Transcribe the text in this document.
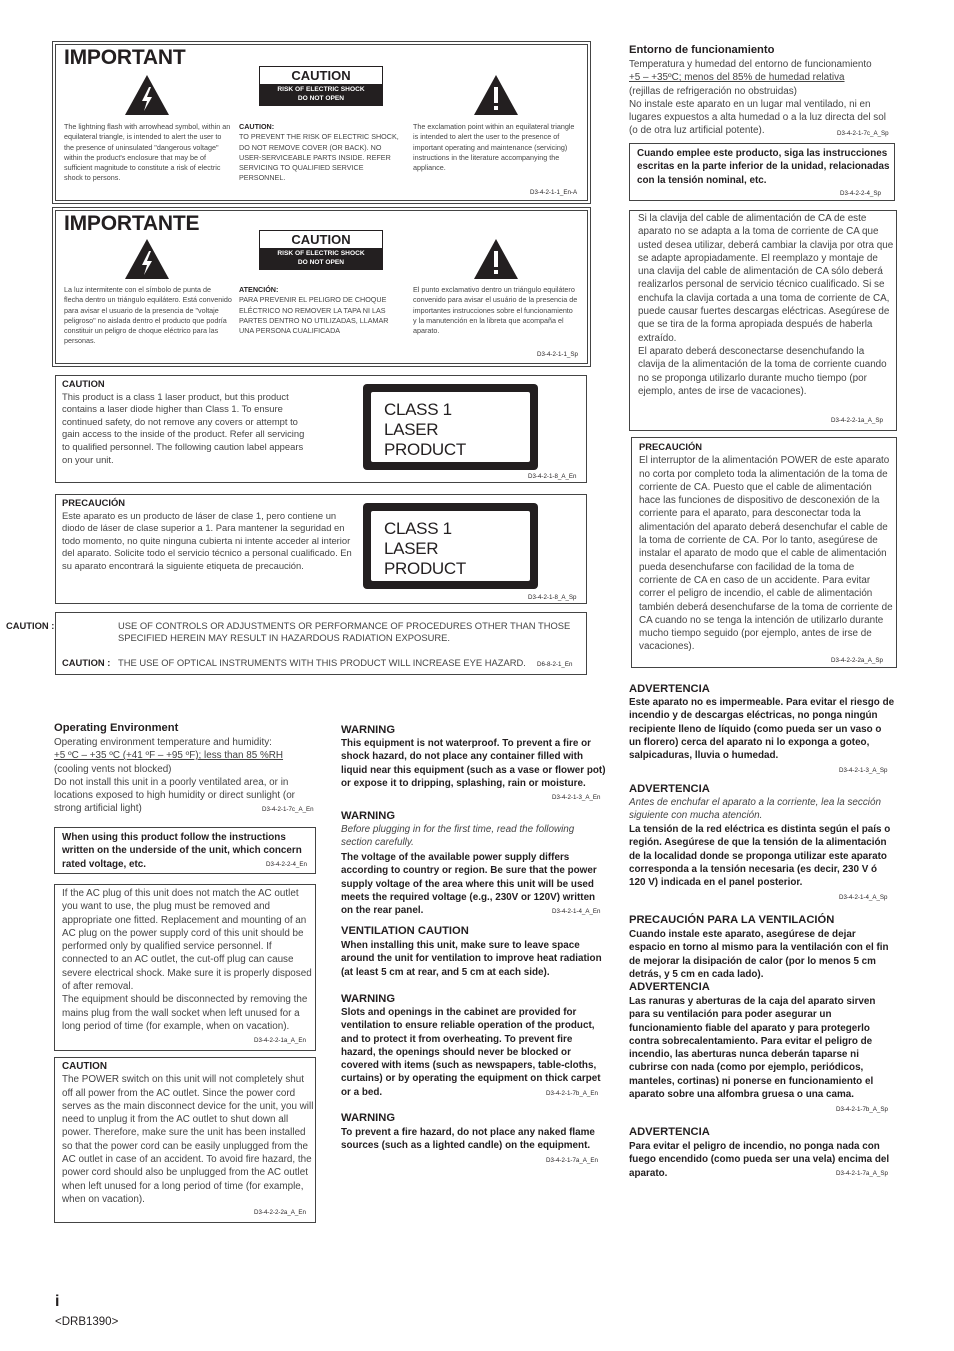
IMPORTANT
CAUTION
RISK OF ELECTRIC SHOCK
DO NOT OPEN
The lightning flash with arrowhead symbol, within an equilateral triangle, is intended to alert the user to the presence of uninsulated "dangerous voltage" within the product's enclosure that may be of sufficient magnitude to constitute a risk of electric shock to persons.
CAUTION:
TO PREVENT THE RISK OF ELECTRIC SHOCK, DO NOT REMOVE COVER (OR BACK). NO USER-SERVICEABLE PARTS INSIDE. REFER SERVICING TO QUALIFIED SERVICE PERSONNEL.
The exclamation point within an equilateral triangle is intended to alert the user to the presence of important operating and maintenance (servicing) instructions in the literature accompanying the appliance.
D3-4-2-1-1_En-A
IMPORTANTE
CAUTION
RISK OF ELECTRIC SHOCK
DO NOT OPEN
La luz intermitente con el símbolo de punta de flecha dentro un triángulo equilátero. Está convenido para avisar el usuario de la presencia de "voltaje peligroso" no aislada dentro el producto que podría constituir un peligro de choque eléctrico para las personas.
ATENCIÓN:
PARA PREVENIR EL PELIGRO DE CHOQUE ELÉCTRICO NO REMOVER LA TAPA NI LAS PARTES DENTRO NO UTILIZADAS, LLAMAR UNA PERSONA CUALIFICADA
El punto exclamativo dentro un triángulo equilátero convenido para avisar el usuário de la presencia de importantes instrucciones sobre el funcionamiento y la manutención en la libreta que acompaña el aparato.
D3-4-2-1-1_Sp
CAUTION
This product is a class 1 laser product, but this product contains a laser diode higher than Class 1. To ensure continued safety, do not remove any covers or attempt to gain access to the inside of the product. Refer all servicing to qualified personnel. The following caution label appears on your unit.
CLASS 1
LASER PRODUCT
D3-4-2-1-8_A_En
PRECAUCIÓN
Este aparato es un producto de láser de clase 1, pero contiene un diodo de láser de clase superior a 1. Para mantener la seguridad en todo momento, no quite ninguna cubierta ni intente acceder al interior del aparato. Solicite todo el servicio técnico a personal cualificado. En su aparato encontrará la siguiente etiqueta de precaución.
CLASS 1
LASER PRODUCT
D3-4-2-1-8_A_Sp
CAUTION :	USE OF CONTROLS OR ADJUSTMENTS OR PERFORMANCE OF PROCEDURES OTHER THAN THOSE SPECIFIED HEREIN MAY RESULT IN HAZARDOUS RADIATION EXPOSURE.
CAUTION : THE USE OF OPTICAL INSTRUMENTS WITH THIS PRODUCT WILL INCREASE EYE HAZARD.	D6-8-2-1_En
Operating Environment
Operating environment temperature and humidity:
+5 ºC – +35 ºC (+41 ºF – +95 ºF); less than 85 %RH
(cooling vents not blocked)
Do not install this unit in a poorly ventilated area, or in locations exposed to high humidity or direct sunlight (or strong artificial light)	D3-4-2-1-7c_A_En
When using this product follow the instructions written on the underside of the unit, which concern rated voltage, etc.	D3-4-2-2-4_En
If the AC plug of this unit does not match the AC outlet you want to use, the plug must be removed and appropriate one fitted. Replacement and mounting of an AC plug on the power supply cord of this unit should be performed only by qualified service personnel. If connected to an AC outlet, the cut-off plug can cause severe electrical shock. Make sure it is properly disposed of after removal.
The equipment should be disconnected by removing the mains plug from the wall socket when left unused for a long period of time (for example, when on vacation).
D3-4-2-2-1a_A_En
CAUTION
The POWER switch on this unit will not completely shut off all power from the AC outlet. Since the power cord serves as the main disconnect device for the unit, you will need to unplug it from the AC outlet to shut down all power. Therefore, make sure the unit has been installed so that the power cord can be easily unplugged from the AC outlet in case of an accident. To avoid fire hazard, the power cord should also be unplugged from the AC outlet when left unused for a long period of time (for example, when on vacation).
D3-4-2-2-2a_A_En
WARNING
This equipment is not waterproof. To prevent a fire or shock hazard, do not place any container filled with liquid near this equipment (such as a vase or flower pot) or expose it to dripping, splashing, rain or moisture.
D3-4-2-1-3_A_En
WARNING
Before plugging in for the first time, read the following section carefully.
The voltage of the available power supply differs according to country or region. Be sure that the power supply voltage of the area where this unit will be used meets the required voltage (e.g., 230V or 120V) written on the rear panel.	D3-4-2-1-4_A_En
VENTILATION CAUTION
When installing this unit, make sure to leave space around the unit for ventilation to improve heat radiation (at least 5 cm at rear, and 5 cm at each side).
WARNING
Slots and openings in the cabinet are provided for ventilation to ensure reliable operation of the product, and to protect it from overheating. To prevent fire hazard, the openings should never be blocked or covered with items (such as newspapers, table-cloths, curtains) or by operating the equipment on thick carpet or a bed.	D3-4-2-1-7b_A_En
WARNING
To prevent a fire hazard, do not place any naked flame sources (such as a lighted candle) on the equipment.
D3-4-2-1-7a_A_En
Entorno de funcionamiento
Temperatura y humedad del entorno de funcionamiento
+5 – +35ºC; menos del 85% de humedad relativa
(rejillas de refrigeración no obstruidas)
No instale este aparato en un lugar mal ventilado, ni en lugares expuestos a alta humedad o a la luz directa del sol (o de otra luz artificial potente).	D3-4-2-1-7c_A_Sp
Cuando emplee este producto, siga las instrucciones escritas en la parte inferior de la unidad, relacionadas con la tensión nominal, etc.
D3-4-2-2-4_Sp
Si la clavija del cable de alimentación de CA de este aparato no se adapta a la toma de corriente de CA que usted desea utilizar, deberá cambiar la clavija por otra que se adapte apropiadamente. El reemplazo y montaje de una clavija del cable de alimentación de CA sólo deberá realizarlos personal de servicio técnico cualificado. Si se enchufa la clavija cortada a una toma de corriente de CA, puede causar fuertes descargas eléctricas. Asegúrese de que se tira de la forma apropiada después de haberla extraído.
El aparato deberá desconectarse desenchufando la clavija de la alimentación de la toma de corriente cuando no se proponga utilizarlo durante mucho tiempo (por ejemplo, antes de irse de vacaciones).
D3-4-2-2-1a_A_Sp
PRECAUCIÓN
El interruptor de la alimentación POWER de este aparato no corta por completo toda la alimentación de la toma de corriente de CA. Puesto que el cable de alimentación hace las funciones de dispositivo de desconexión de la corriente para el aparato, para desconectar toda la alimentación del aparato deberá desenchufar el cable de la toma de corriente de CA. Por lo tanto, asegúrese de instalar el aparato de modo que el cable de alimentación pueda desenchufarse con facilidad de la toma de corriente de CA en caso de un accidente. Para evitar correr el peligro de incendio, el cable de alimentación también deberá desenchufarse de la toma de corriente de CA cuando no se tenga la intención de utilizarlo durante mucho tiempo seguido (por ejemplo, antes de irse de vacaciones).
D3-4-2-2-2a_A_Sp
ADVERTENCIA
Este aparato no es impermeable. Para evitar el riesgo de incendio y de descargas eléctricas, no ponga ningún recipiente lleno de líquido (como pueda ser un vaso o un florero) cerca del aparato ni lo exponga a goteo, salpicaduras, lluvia o humedad.
D3-4-2-1-3_A_Sp
ADVERTENCIA
Antes de enchufar el aparato a la corriente, lea la sección siguiente con mucha atención.
La tensión de la red eléctrica es distinta según el país o región. Asegúrese de que la tensión de la alimentación de la localidad donde se proponga utilizar este aparato corresponda a la tensión necesaria (es decir, 230 V ó 120 V) indicada en el panel posterior.
D3-4-2-1-4_A_Sp
PRECAUCIÓN PARA LA VENTILACIÓN
Cuando instale este aparato, asegúrese de dejar espacio en torno al mismo para la ventilación con el fin de mejorar la disipación de calor (por lo menos 5 cm detrás, y 5 cm en cada lado).
ADVERTENCIA
Las ranuras y aberturas de la caja del aparato sirven para su ventilación para poder asegurar un funcionamiento fiable del aparato y para protegerlo contra sobrecalentamiento. Para evitar el peligro de incendio, las aberturas nunca deberán taparse ni cubrirse con nada (como por ejemplo, periódicos, manteles, cortinas) ni ponerse en funcionamiento el aparato sobre una alfombra gruesa o una cama.
D3-4-2-1-7b_A_Sp
ADVERTENCIA
Para evitar el peligro de incendio, no ponga nada con fuego encendido (como pueda ser una vela) encima del aparato.	D3-4-2-1-7a_A_Sp
i
<DRB1390>
